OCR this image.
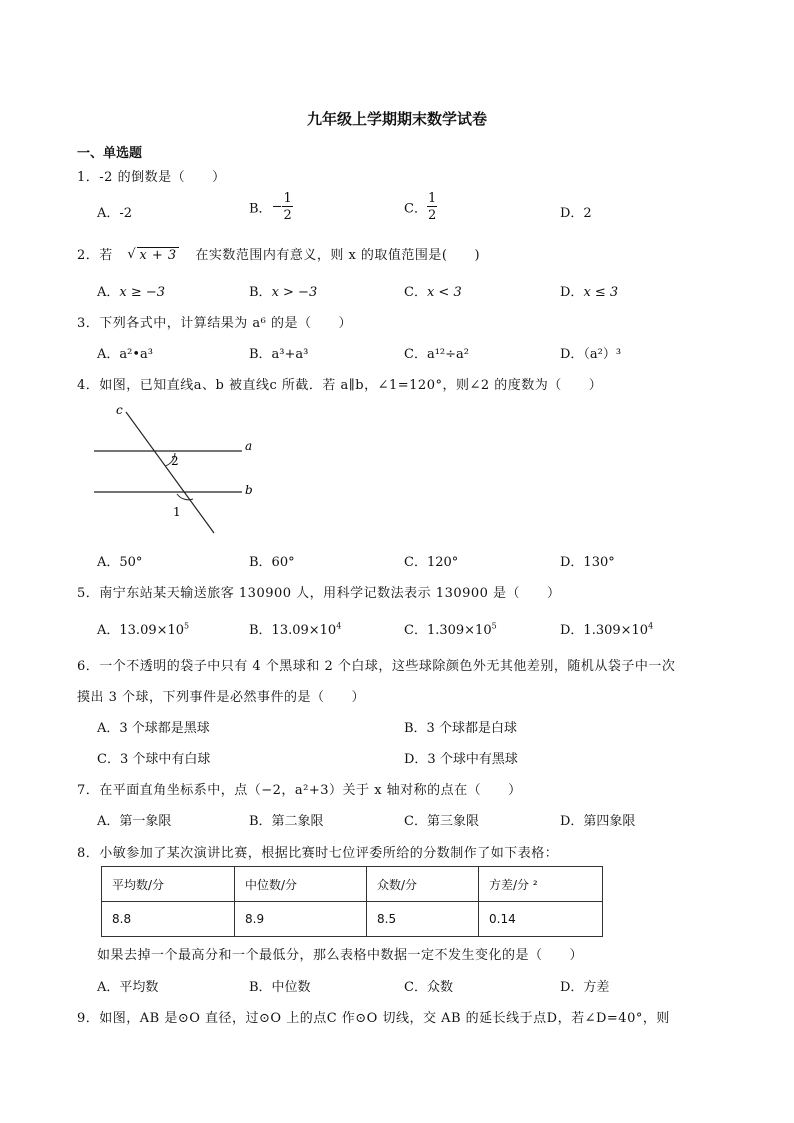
九年级上学期期末数学试卷
一、单选题
1．-2 的倒数是（　　）
A．-2	B．− $\frac{1}{2}$	C． $\frac{1}{2}$	D．2
2．若 √ x + 3 在实数范围内有意义，则 x 的取值范围是(　　)
A．x ≥ −3	B．x > −3	C．x < 3	D．x ≤ 3
3．下列各式中，计算结果为 a⁶ 的是（　　）
A．a²•a³	B．a³+a³	C．a¹²÷a²	D．（a²）³
4．如图，已知直线a、b 被直线c 所截．若 a∥b，∠1=120°，则∠2 的度数为（　　）
c
a
b
2
1
A．50°	B．60°	C．120°	D．130°
5．南宁东站某天输送旅客 130900 人，用科学记数法表示 130900 是（　　）
A．$13.09\times 10^5$	B．$13.09\times 10^4$	C．$1.309\times 10^5$	D．$1.309\times 10^4$
6．一个不透明的袋子中只有 4 个黑球和 2 个白球，这些球除颜色外无其他差别，随机从袋子中一次
摸出 3 个球，下列事件是必然事件的是（　　）
A．3 个球都是黑球	B．3 个球都是白球
C．3 个球中有白球	D．3 个球中有黑球
7．在平面直角坐标系中，点（−2，a²+3）关于 x 轴对称的点在（　　）
A．第一象限	B．第二象限	C．第三象限	D．第四象限
8．小敏参加了某次演讲比赛，根据比赛时七位评委所给的分数制作了如下表格：
平均数/分	中位数/分	众数/分	方差/分 ²
8.8	8.9	8.5	0.14
如果去掉一个最高分和一个最低分，那么表格中数据一定不发生变化的是（　　）
A．平均数	B．中位数	C．众数	D．方差
9．如图，AB 是⊙O 直径，过⊙O 上的点C 作⊙O 切线，交 AB 的延长线于点D，若∠D=40°，则
